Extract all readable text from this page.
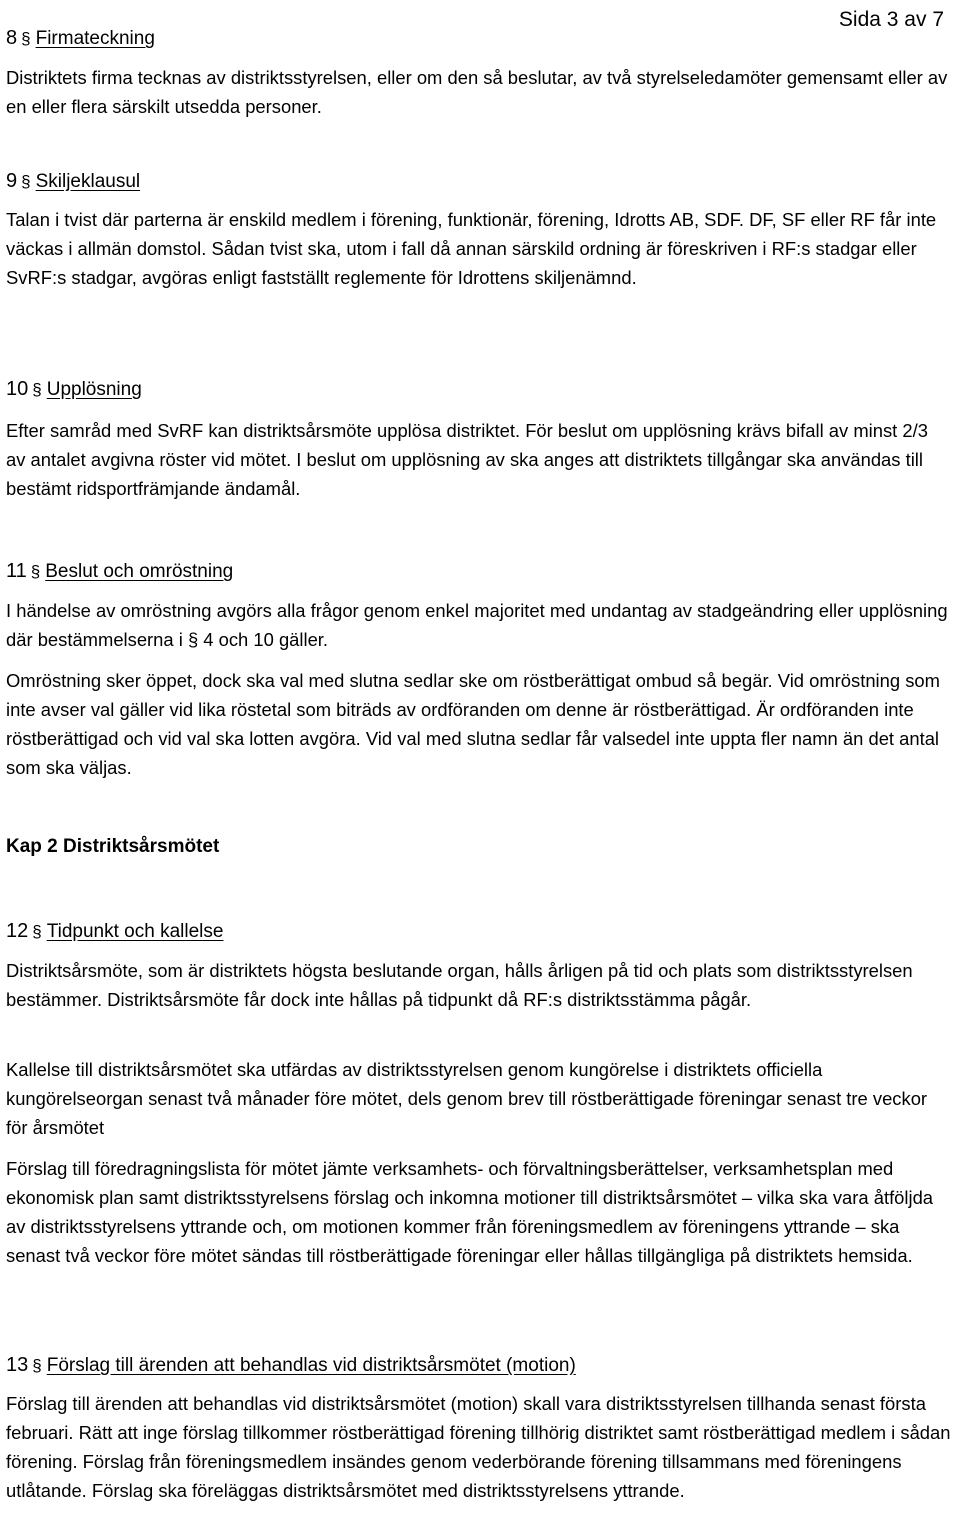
Sida 3 av 7
8 § Firmateckning

Distriktets firma tecknas av distriktsstyrelsen, eller om den så beslutar, av två styrelseledamöter gemensamt eller av en eller flera särskilt utsedda personer.

9 § Skiljeklausul

Talan i tvist där parterna är enskild medlem i förening, funktionär, förening, Idrotts AB, SDF. DF, SF eller RF får inte väckas i allmän domstol. Sådan tvist ska, utom i fall då annan särskild ordning är föreskriven i RF:s stadgar eller SvRF:s stadgar, avgöras enligt fastställt reglemente för Idrottens skiljenämnd.

10 § Upplösning

Efter samråd med SvRF kan distriktsårsmöte upplösa distriktet. För beslut om upplösning krävs bifall av minst 2/3 av antalet avgivna röster vid mötet. I beslut om upplösning av ska anges att distriktets tillgångar ska användas till bestämt ridsportfrämjande ändamål.

11 § Beslut och omröstning

I händelse av omröstning avgörs alla frågor genom enkel majoritet med undantag av stadgeändring eller upplösning där bestämmelserna i § 4 och 10 gäller.

Omröstning sker öppet, dock ska val med slutna sedlar ske om röstberättigat ombud så begär. Vid omröstning som inte avser val gäller vid lika röstetal som biträds av ordföranden om denne är röstberättigad. Är ordföranden inte röstberättigad och vid val ska lotten avgöra. Vid val med slutna sedlar får valsedel inte uppta fler namn än det antal som ska väljas.

Kap 2 Distriktsårsmötet

12 § Tidpunkt och kallelse

Distriktsårsmöte, som är distriktets högsta beslutande organ, hålls årligen på tid och plats som distriktsstyrelsen bestämmer. Distriktsårsmöte får dock inte hållas på tidpunkt då RF:s distriktsstämma pågår.

Kallelse till distriktsårsmötet ska utfärdas av distriktsstyrelsen genom kungörelse i distriktets officiella kungörelseorgan senast två månader före mötet, dels genom brev till röstberättigade föreningar senast tre veckor för årsmötet

Förslag till föredragningslista för mötet jämte verksamhets- och förvaltningsberättelser, verksamhetsplan med ekonomisk plan samt distriktsstyrelsens förslag och inkomna motioner till distriktsårsmötet – vilka ska vara åtföljda av distriktsstyrelsens yttrande och, om motionen kommer från föreningsmedlem av föreningens yttrande – ska senast två veckor före mötet sändas till röstberättigade föreningar eller hållas tillgängliga på distriktets hemsida.

13 § Förslag till ärenden att behandlas vid distriktsårsmötet (motion)

Förslag till ärenden att behandlas vid distriktsårsmötet (motion) skall vara distriktsstyrelsen tillhanda senast första februari. Rätt att inge förslag tillkommer röstberättigad förening tillhörig distriktet samt röstberättigad medlem i sådan förening. Förslag från föreningsmedlem insändes genom vederbörande förening tillsammans med föreningens utlåtande. Förslag ska föreläggas distriktsårsmötet med distriktsstyrelsens yttrande.
